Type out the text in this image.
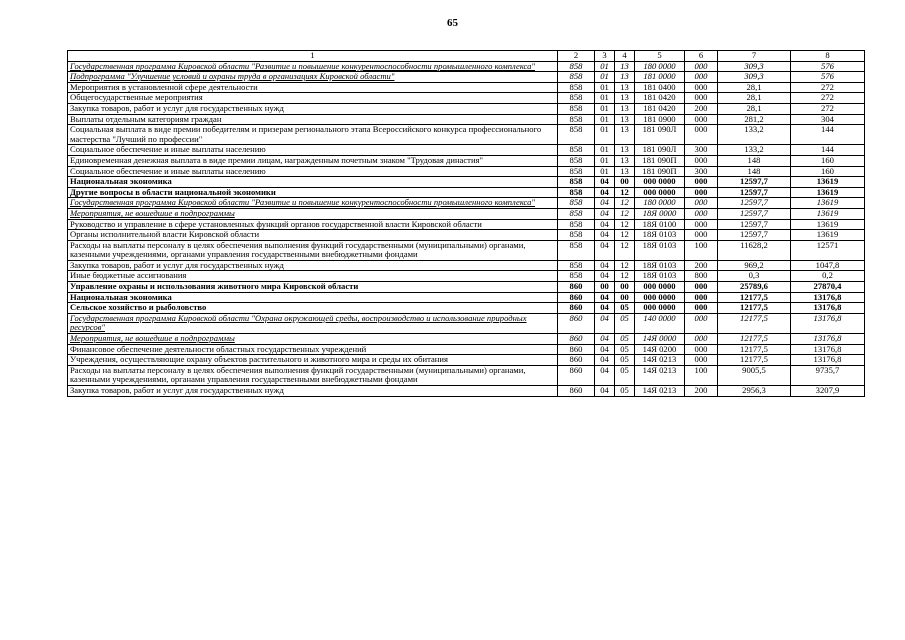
65
1	2	3	4	5	6	7	8
Государственная программа Кировской области "Развитие и повышение конкурентоспособности промышленного комплекса"	858	01	13	180 0000	000	309,3	576
Подпрограмма "Улучшение условий и охраны труда в организациях Кировской области"	858	01	13	181 0000	000	309,3	576
Мероприятия в установленной сфере деятельности	858	01	13	181 0400	000	28,1	272
Общегосударственные мероприятия	858	01	13	181 0420	000	28,1	272
Закупка товаров, работ и услуг для государственных нужд	858	01	13	181 0420	200	28,1	272
Выплаты отдельным категориям граждан	858	01	13	181 0900	000	281,2	304
Социальная выплата в виде премии победителям и призерам регионального этапа Всероссийского конкурса профессионального мастерства "Лучший по профессии"	858	01	13	181 090Л	000	133,2	144
Социальное обеспечение и иные выплаты населению	858	01	13	181 090Л	300	133,2	144
Единовременная денежная выплата в виде премии лицам, награжденным почетным знаком "Трудовая династия"	858	01	13	181 090П	000	148	160
Социальное обеспечение и иные выплаты населению	858	01	13	181 090П	300	148	160
Национальная экономика	858	04	00	000 0000	000	12597,7	13619
Другие вопросы в области национальной экономики	858	04	12	000 0000	000	12597,7	13619
Государственная программа Кировской области "Развитие и повышение конкурентоспособности промышленного комплекса"	858	04	12	180 0000	000	12597,7	13619
Мероприятия, не вошедшие в подпрограммы	858	04	12	18Я 0000	000	12597,7	13619
Руководство и управление в сфере установленных функций органов государственной власти Кировской области	858	04	12	18Я 0100	000	12597,7	13619
Органы исполнительной власти Кировской области	858	04	12	18Я 0103	000	12597,7	13619
Расходы на выплаты персоналу в целях обеспечения выполнения функций государственными (муниципальными) органами, казенными учреждениями, органами управления государственными внебюджетными фондами	858	04	12	18Я 0103	100	11628,2	12571
Закупка товаров, работ и услуг для государственных нужд	858	04	12	18Я 0103	200	969,2	1047,8
Иные бюджетные ассигнования	858	04	12	18Я 0103	800	0,3	0,2
Управление охраны и использования животного мира Кировской области	860	00	00	000 0000	000	25789,6	27870,4
Национальная экономика	860	04	00	000 0000	000	12177,5	13176,8
Сельское хозяйство и рыболовство	860	04	05	000 0000	000	12177,5	13176,8
Государственная программа Кировской области "Охрана окружающей среды, воспроизводство и использование природных ресурсов"	860	04	05	140 0000	000	12177,5	13176,8
Мероприятия, не вошедшие в подпрограммы	860	04	05	14Я 0000	000	12177,5	13176,8
Финансовое обеспечение деятельности областных государственных учреждений	860	04	05	14Я 0200	000	12177,5	13176,8
Учреждения, осуществляющие охрану объектов растительного и животного мира и среды их обитания	860	04	05	14Я 0213	000	12177,5	13176,8
Расходы на выплаты персоналу в целях обеспечения выполнения функций государственными (муниципальными) органами, казенными учреждениями, органами управления государственными внебюджетными фондами	860	04	05	14Я 0213	100	9005,5	9735,7
Закупка товаров, работ и услуг для государственных нужд	860	04	05	14Я 0213	200	2956,3	3207,9
